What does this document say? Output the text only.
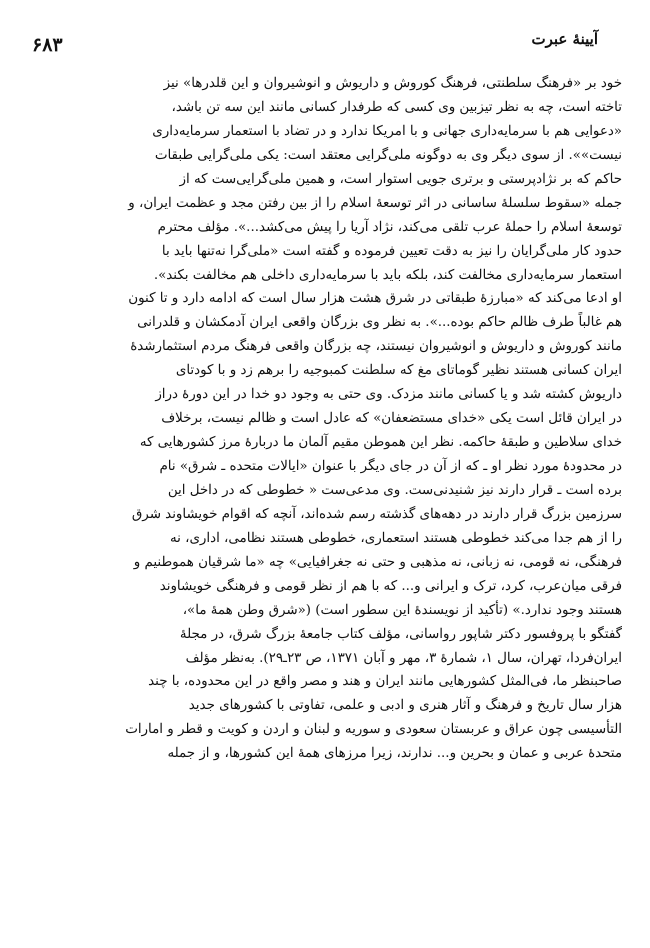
آيينهٔ عبرت
۶۸۳
خود بر «فرهنگ سلطنتی، فرهنگ کوروش و داریوش و انوشیروان و این قلدرها» نیز
تاخته است، چه به نظر تیزبین وی کسی که طرفدار کسانی مانند این سه تن باشد،
«دعوایی هم با سرمایه‌داری جهانی و با امریکا ندارد و در تضاد با استعمار سرمایه‌داری
نیست»». از سوی دیگر وی به دوگونه ملی‌گرایی معتقد است: یکی ملی‌گرایی طبقات
حاکم که بر نژادپرستی و برتری جویی استوار است، و همین ملی‌گرایی‌ست که از
جمله «سقوط سلسلهٔ ساسانی در اثر توسعهٔ اسلام را از بین رفتن مجد و عظمت ایران، و
توسعهٔ اسلام را حملهٔ عرب تلقی می‌کند، نژاد آریا را پیش می‌کشد...». مؤلف محترم
حدود کار ملی‌گرایان را نیز به دقت تعیین فرموده و گفته است «ملی‌گرا نه‌تنها باید با
استعمار سرمایه‌داری مخالفت کند، بلکه باید با سرمایه‌داری داخلی هم مخالفت بکند».
او ادعا می‌کند که «مبارزهٔ طبقاتی در شرق هشت هزار سال است که ادامه دارد و تا کنون
هم غالباً طرف ظالم حاکم بوده...». به نظر وی بزرگان واقعی ایران آدمکشان و قلدرانی
مانند کوروش و داریوش و انوشیروان نیستند، چه بزرگان واقعی فرهنگ مردم استثمارشدهٔ
ایران کسانی هستند نظیر گوماتای مغ که سلطنت کمبوجیه را برهم زد و با کودتای
داریوش کشته شد و یا کسانی مانند مزدک. وی حتی به وجود دو خدا در این دورهٔ دراز
در ایران قائل است یکی «خدای مستضعفان» که عادل است و ظالم نیست، برخلاف
خدای سلاطین و طبقهٔ حاکمه. نظر این هموطن مقیم آلمان ما دربارهٔ مرز کشورهایی که
در محدودهٔ مورد نظر او ـ که از آن در جای دیگر با عنوان «ایالات متحده ـ شرق» نام
برده است ـ قرار دارند نیز شنیدنی‌ست. وی مدعی‌ست « خطوطی که در داخل این
سرزمین بزرگ قرار دارند در دهه‌های گذشته رسم شده‌اند، آنچه که اقوام خویشاوند شرق
را از هم جدا می‌کند خطوطی هستند استعماری، خطوطی هستند نظامی، اداری، نه
فرهنگی، نه قومی، نه زبانی، نه مذهبی و حتی نه جغرافیایی» چه «ما شرقیان هموطنیم و
فرقی میان‌عرب، کرد، ترک و ایرانی و... که با هم از نظر قومی و فرهنگی خویشاوند
هستند وجود ندارد.» (تأکید از نویسندهٔ این سطور است) («شرق وطن همهٔ ما»،
گفتگو با پروفسور دکتر شاپور رواسانی، مؤلف کتاب جامعهٔ بزرگ شرق، در مجلهٔ
ایران‌فردا، تهران، سال ۱، شمارهٔ ۳، مهر و آبان ۱۳۷۱، ص ۲۳ـ۲۹). به‌نظر مؤلف
صاحبنظر ما، فی‌المثل کشورهایی مانند ایران و هند و مصر واقع در این محدوده، با چند
هزار سال تاریخ و فرهنگ و آثار هنری و ادبی و علمی، تفاوتی با کشورهای جدید
التأسیسی چون عراق و عربستان سعودی و سوریه و لبنان و اردن و کویت و قطر و امارات
متحدهٔ عربی و عمان و بحرین و... ندارند، زیرا مرزهای همهٔ این کشورها، و از جمله
